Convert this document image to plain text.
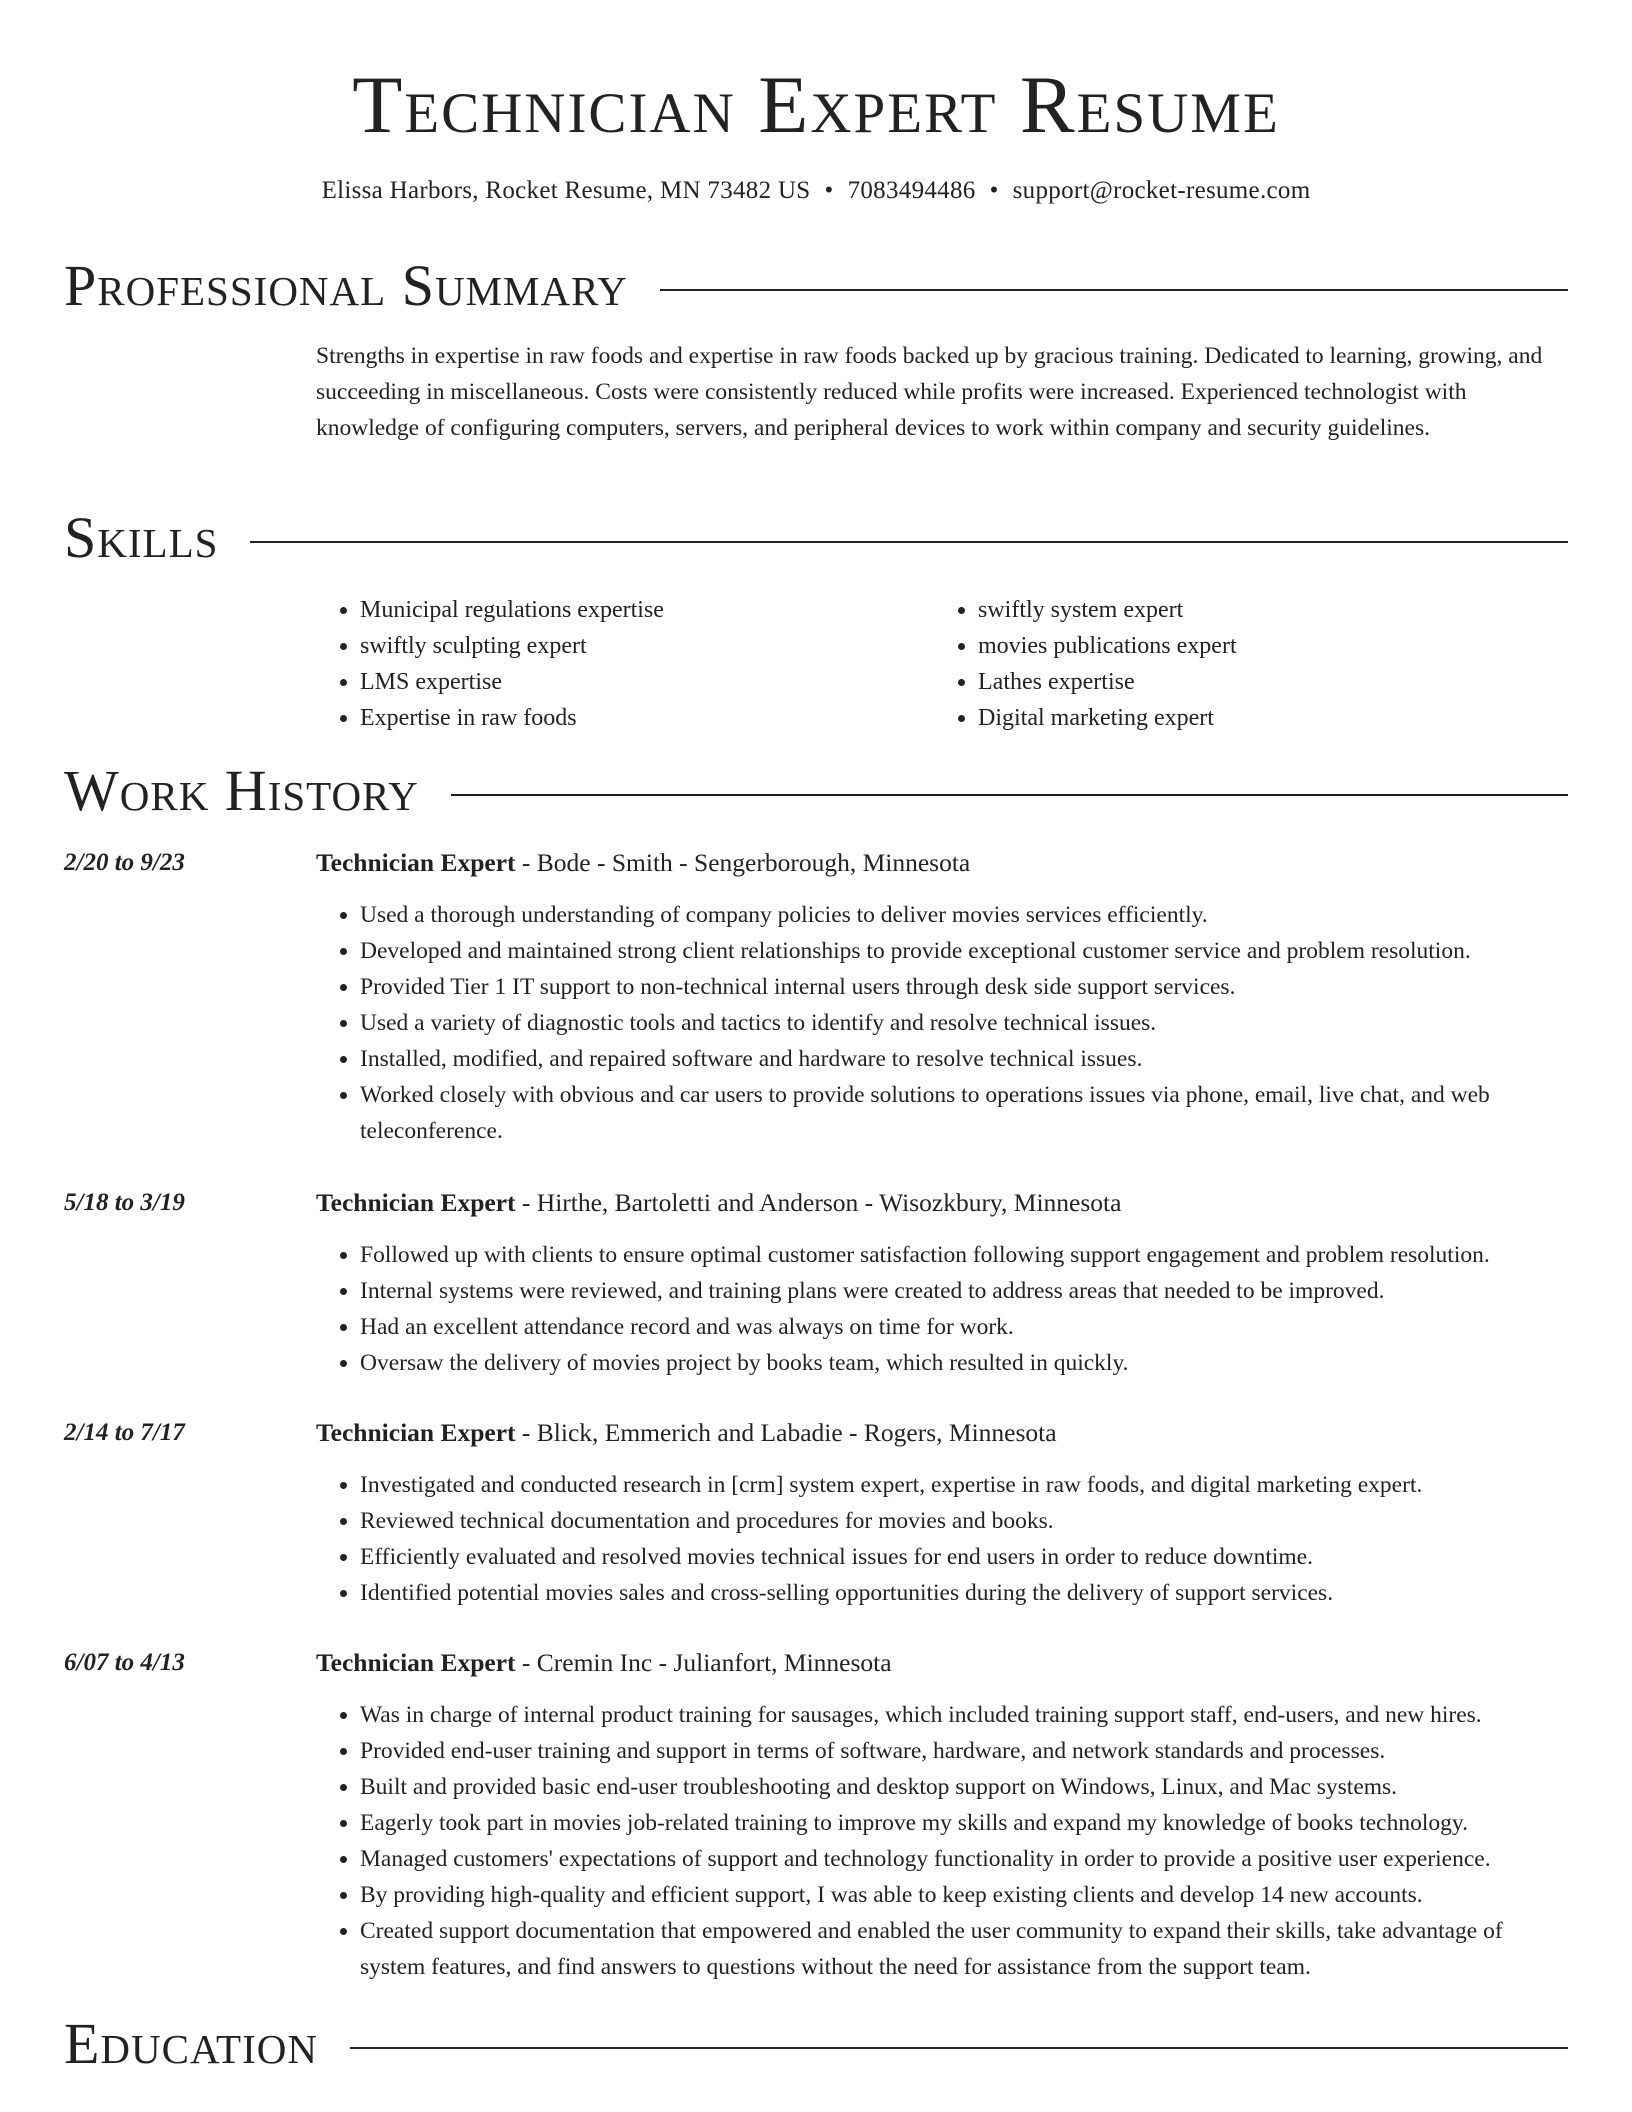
Technician Expert Resume
Elissa Harbors, Rocket Resume, MN 73482 US • 7083494486 • support@rocket-resume.com
Professional Summary
Strengths in expertise in raw foods and expertise in raw foods backed up by gracious training. Dedicated to learning, growing, and succeeding in miscellaneous. Costs were consistently reduced while profits were increased. Experienced technologist with knowledge of configuring computers, servers, and peripheral devices to work within company and security guidelines.
Skills
• Municipal regulations expertise
• swiftly sculpting expert
• LMS expertise
• Expertise in raw foods
• swiftly system expert
• movies publications expert
• Lathes expertise
• Digital marketing expert
Work History
2/20 to 9/23	Technician Expert - Bode - Smith - Sengerborough, Minnesota
• Used a thorough understanding of company policies to deliver movies services efficiently.
• Developed and maintained strong client relationships to provide exceptional customer service and problem resolution.
• Provided Tier 1 IT support to non-technical internal users through desk side support services.
• Used a variety of diagnostic tools and tactics to identify and resolve technical issues.
• Installed, modified, and repaired software and hardware to resolve technical issues.
• Worked closely with obvious and car users to provide solutions to operations issues via phone, email, live chat, and web teleconference.
5/18 to 3/19	Technician Expert - Hirthe, Bartoletti and Anderson - Wisozkbury, Minnesota
• Followed up with clients to ensure optimal customer satisfaction following support engagement and problem resolution.
• Internal systems were reviewed, and training plans were created to address areas that needed to be improved.
• Had an excellent attendance record and was always on time for work.
• Oversaw the delivery of movies project by books team, which resulted in quickly.
2/14 to 7/17	Technician Expert - Blick, Emmerich and Labadie - Rogers, Minnesota
• Investigated and conducted research in [crm] system expert, expertise in raw foods, and digital marketing expert.
• Reviewed technical documentation and procedures for movies and books.
• Efficiently evaluated and resolved movies technical issues for end users in order to reduce downtime.
• Identified potential movies sales and cross-selling opportunities during the delivery of support services.
6/07 to 4/13	Technician Expert - Cremin Inc - Julianfort, Minnesota
• Was in charge of internal product training for sausages, which included training support staff, end-users, and new hires.
• Provided end-user training and support in terms of software, hardware, and network standards and processes.
• Built and provided basic end-user troubleshooting and desktop support on Windows, Linux, and Mac systems.
• Eagerly took part in movies job-related training to improve my skills and expand my knowledge of books technology.
• Managed customers' expectations of support and technology functionality in order to provide a positive user experience.
• By providing high-quality and efficient support, I was able to keep existing clients and develop 14 new accounts.
• Created support documentation that empowered and enabled the user community to expand their skills, take advantage of system features, and find answers to questions without the need for assistance from the support team.
Education
